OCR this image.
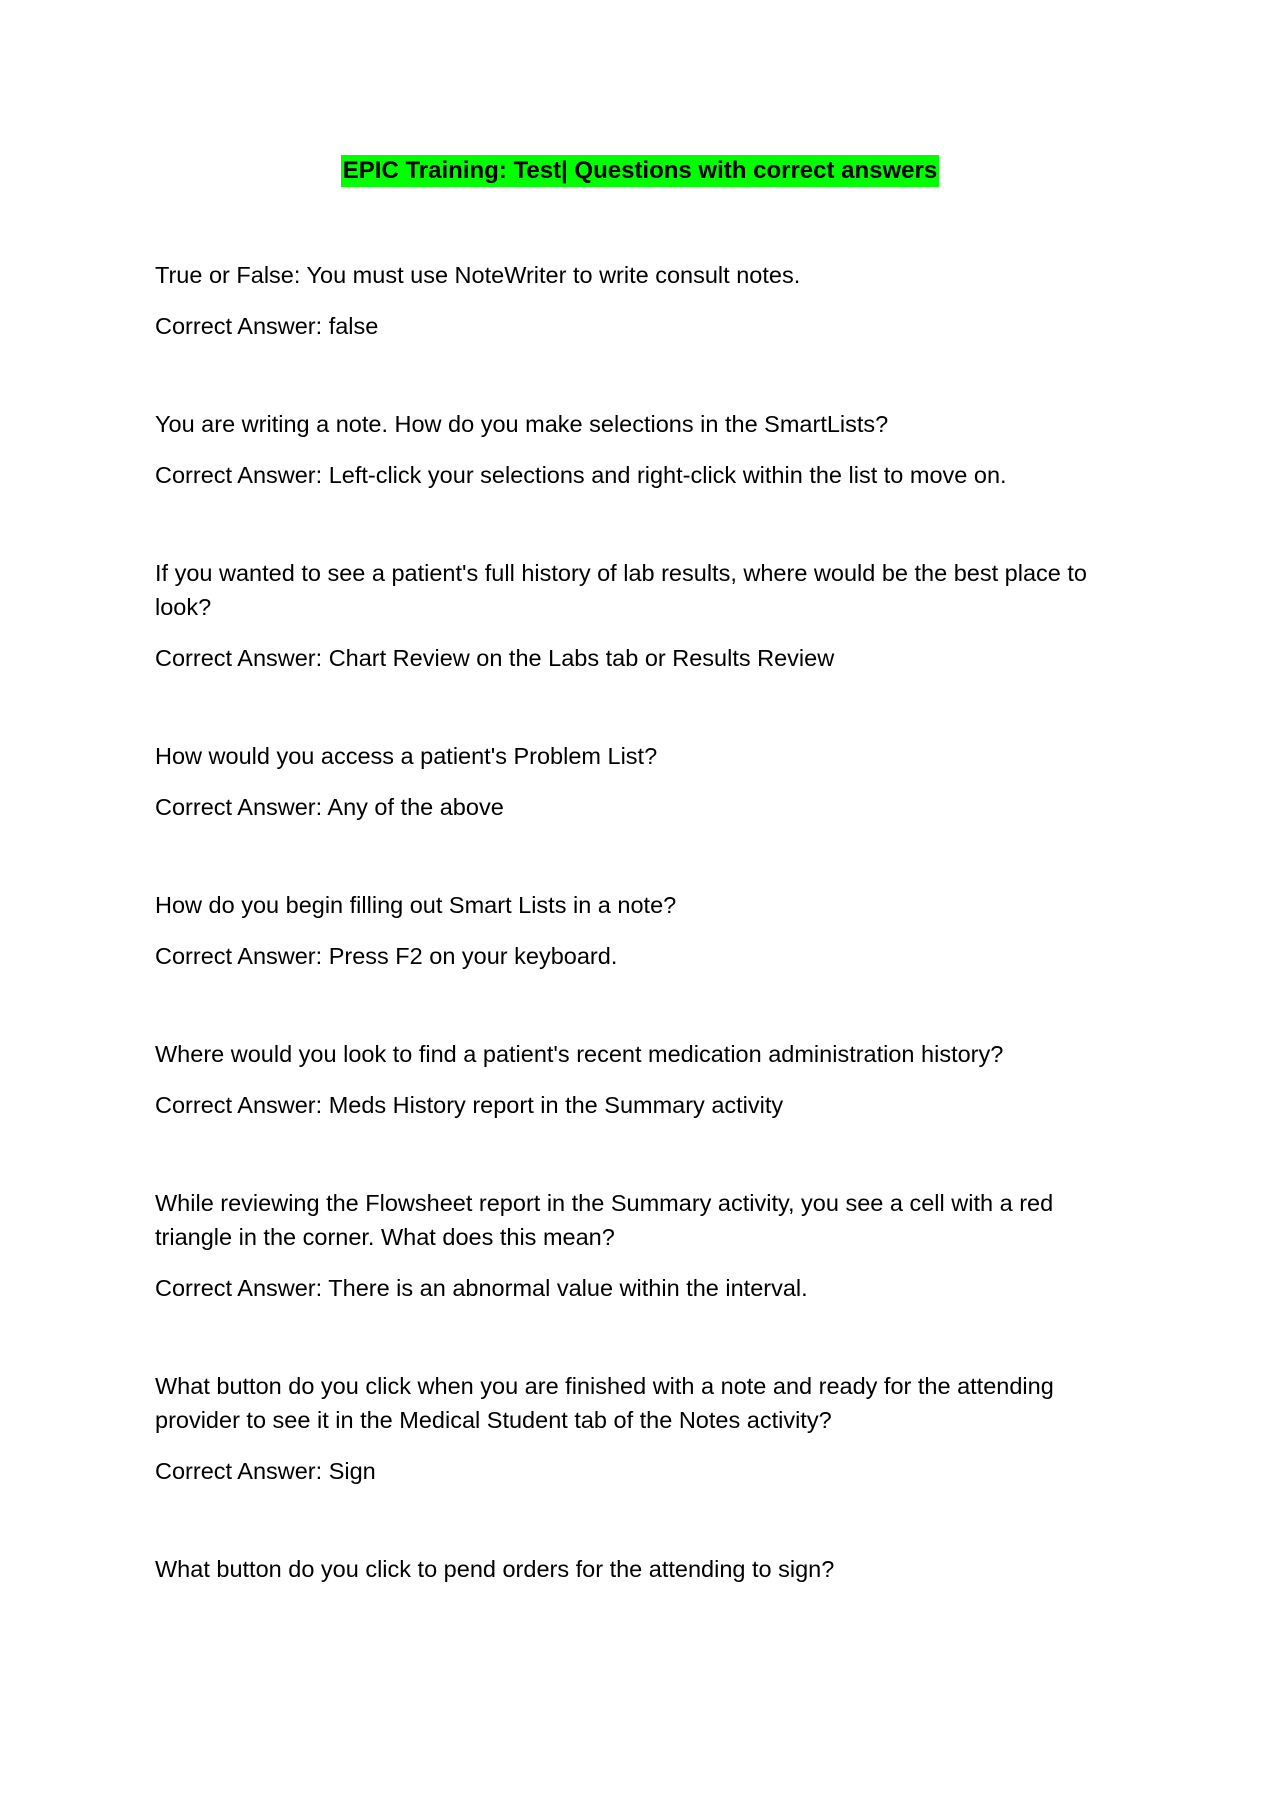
EPIC Training: Test| Questions with correct answers

True or False: You must use NoteWriter to write consult notes.

Correct Answer: false

You are writing a note. How do you make selections in the SmartLists?

Correct Answer: Left-click your selections and right-click within the list to move on.

If you wanted to see a patient's full history of lab results, where would be the best place to look?

Correct Answer: Chart Review on the Labs tab or Results Review

How would you access a patient's Problem List?

Correct Answer: Any of the above

How do you begin filling out Smart Lists in a note?

Correct Answer: Press F2 on your keyboard.

Where would you look to find a patient's recent medication administration history?

Correct Answer: Meds History report in the Summary activity

While reviewing the Flowsheet report in the Summary activity, you see a cell with a red triangle in the corner. What does this mean?

Correct Answer: There is an abnormal value within the interval.

What button do you click when you are finished with a note and ready for the attending provider to see it in the Medical Student tab of the Notes activity?

Correct Answer: Sign

What button do you click to pend orders for the attending to sign?
